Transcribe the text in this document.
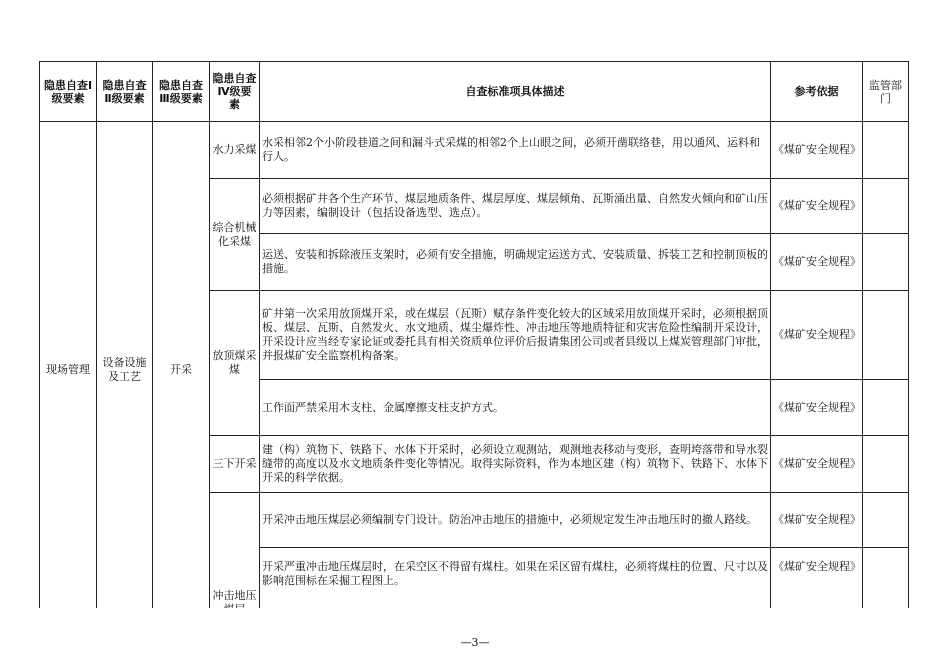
隐患自查Ⅰ级要素	隐患自查Ⅱ级要素	隐患自查Ⅲ级要素	隐患自查Ⅳ级要素	自查标准项具体描述	参考依据	监管部门
现场管理	设备设施及工艺	开采	水力采煤	水采相邻2个小阶段巷道之间和漏斗式采煤的相邻2个上山眼之间，必须开凿联络巷，用以通风、运料和行人。	《煤矿安全规程》	
			综合机械化采煤	必须根据矿井各个生产环节、煤层地质条件、煤层厚度、煤层倾角、瓦斯涌出量、自然发火倾向和矿山压力等因素，编制设计（包括设备选型、选点）。	《煤矿安全规程》	
				运送、安装和拆除液压支架时，必须有安全措施，明确规定运送方式、安装质量、拆装工艺和控制顶板的措施。	《煤矿安全规程》	
			放顶煤采煤	矿井第一次采用放顶煤开采，或在煤层（瓦斯）赋存条件变化较大的区域采用放顶煤开采时，必须根据顶板、煤层、瓦斯、自然发火、水文地质、煤尘爆炸性、冲击地压等地质特征和灾害危险性编制开采设计，开采设计应当经专家论证或委托具有相关资质单位评价后报请集团公司或者县级以上煤炭管理部门审批，并报煤矿安全监察机构备案。	《煤矿安全规程》	
				工作面严禁采用木支柱、金属摩擦支柱支护方式。	《煤矿安全规程》	
			三下开采	建（构）筑物下、铁路下、水体下开采时，必须设立观测站，观测地表移动与变形，查明垮落带和导水裂缝带的高度以及水文地质条件变化等情况。取得实际资料，作为本地区建（构）筑物下、铁路下、水体下开采的科学依据。	《煤矿安全规程》	
			冲击地压	开采冲击地压煤层必须编制专门设计。防治冲击地压的措施中，必须规定发生冲击地压时的撤人路线。	《煤矿安全规程》	
				开采严重冲击地压煤层时，在采空区不得留有煤柱。如果在采区留有煤柱，必须将煤柱的位置、尺寸以及影响范围标在采掘工程图上。	《煤矿安全规程》	
—3—
